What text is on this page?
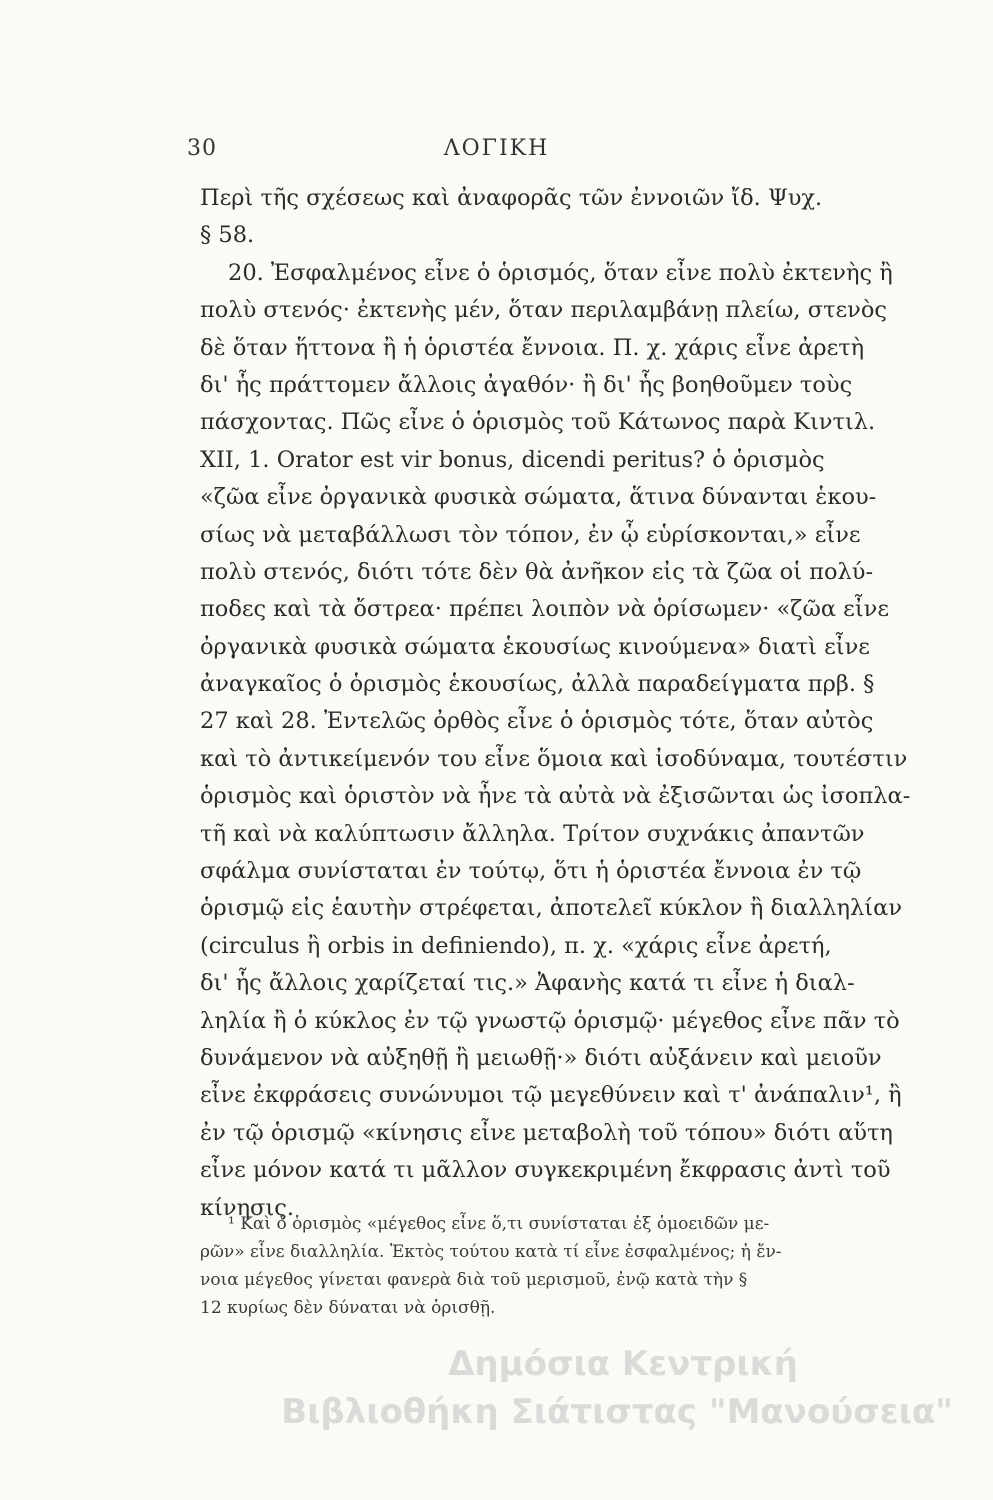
30	ΛΟΓΙΚΗ
Περὶ τῆς σχέσεως καὶ ἀναφορᾶς τῶν ἐννοιῶν ἴδ. Ψυχ.
§ 58.
20. Ἐσφαλμένος εἶνε ὁ ὁρισμός, ὅταν εἶνε πολὺ ἐκτενὴς ἢ
πολὺ στενός· ἐκτενὴς μέν, ὅταν περιλαμβάνῃ πλείω, στενὸς
δὲ ὅταν ἥττονα ἢ ἡ ὁριστέα ἔννοια. Π. χ. χάρις εἶνε ἀρετὴ
δι' ἧς πράττομεν ἄλλοις ἀγαθόν· ἢ δι' ἧς βοηθοῦμεν τοὺς
πάσχοντας. Πῶς εἶνε ὁ ὁρισμὸς τοῦ Κάτωνος παρὰ Κιντιλ.
XII, 1. Orator est vir bonus, dicendi peritus? ὁ ὁρισμὸς
«ζῶα εἶνε ὀργανικὰ φυσικὰ σώματα, ἅτινα δύνανται ἑκου-
σίως νὰ μεταβάλλωσι τὸν τόπον, ἐν ᾧ εὑρίσκονται,» εἶνε
πολὺ στενός, διότι τότε δὲν θὰ ἀνῆκον εἰς τὰ ζῶα οἱ πολύ-
ποδες καὶ τὰ ὄστρεα· πρέπει λοιπὸν νὰ ὁρίσωμεν· «ζῶα εἶνε
ὀργανικὰ φυσικὰ σώματα ἑκουσίως κινούμενα» διατὶ εἶνε
ἀναγκαῖος ὁ ὁρισμὸς ἑκουσίως, ἀλλὰ παραδείγματα πρβ. §
27 καὶ 28. Ἐντελῶς ὀρθὸς εἶνε ὁ ὁρισμὸς τότε, ὅταν αὐτὸς
καὶ τὸ ἀντικείμενόν του εἶνε ὅμοια καὶ ἰσοδύναμα, τουτέστιν
ὁρισμὸς καὶ ὁριστὸν νὰ ἦνε τὰ αὐτὰ νὰ ἐξισῶνται ὡς ἰσοπλα-
τῆ καὶ νὰ καλύπτωσιν ἄλληλα. Τρίτον συχνάκις ἀπαντῶν
σφάλμα συνίσταται ἐν τούτῳ, ὅτι ἡ ὁριστέα ἔννοια ἐν τῷ
ὁρισμῷ εἰς ἑαυτὴν στρέφεται, ἀποτελεῖ κύκλον ἢ διαλληλίαν
(circulus ἢ orbis in definiendo), π. χ. «χάρις εἶνε ἀρετή,
δι' ἧς ἄλλοις χαρίζεταί τις.» Ἀφανὴς κατά τι εἶνε ἡ διαλ-
ληλία ἢ ὁ κύκλος ἐν τῷ γνωστῷ ὁρισμῷ· μέγεθος εἶνε πᾶν τὸ
δυνάμενον νὰ αὐξηθῇ ἢ μειωθῇ·» διότι αὐξάνειν καὶ μειοῦν
εἶνε ἐκφράσεις συνώνυμοι τῷ μεγεθύνειν καὶ τ' ἀνάπαλιν¹, ἢ
ἐν τῷ ὁρισμῷ «κίνησις εἶνε μεταβολὴ τοῦ τόπου» διότι αὕτη
εἶνε μόνον κατά τι μᾶλλον συγκεκριμένη ἔκφρασις ἀντὶ τοῦ
κίνησις.
¹ Καὶ ὁ ὁρισμὸς «μέγεθος εἶνε ὅ,τι συνίσταται ἐξ ὁμοειδῶν με-
ρῶν» εἶνε διαλληλία. Ἐκτὸς τούτου κατὰ τί εἶνε ἐσφαλμένος; ἡ ἔν-
νοια μέγεθος γίνεται φανερὰ διὰ τοῦ μερισμοῦ, ἐνῷ κατὰ τὴν §
12 κυρίως δὲν δύναται νὰ ὁρισθῇ.
Δημόσια Κεντρική
Βιβλιοθήκη Σιάτιστας "Μανούσεια"
